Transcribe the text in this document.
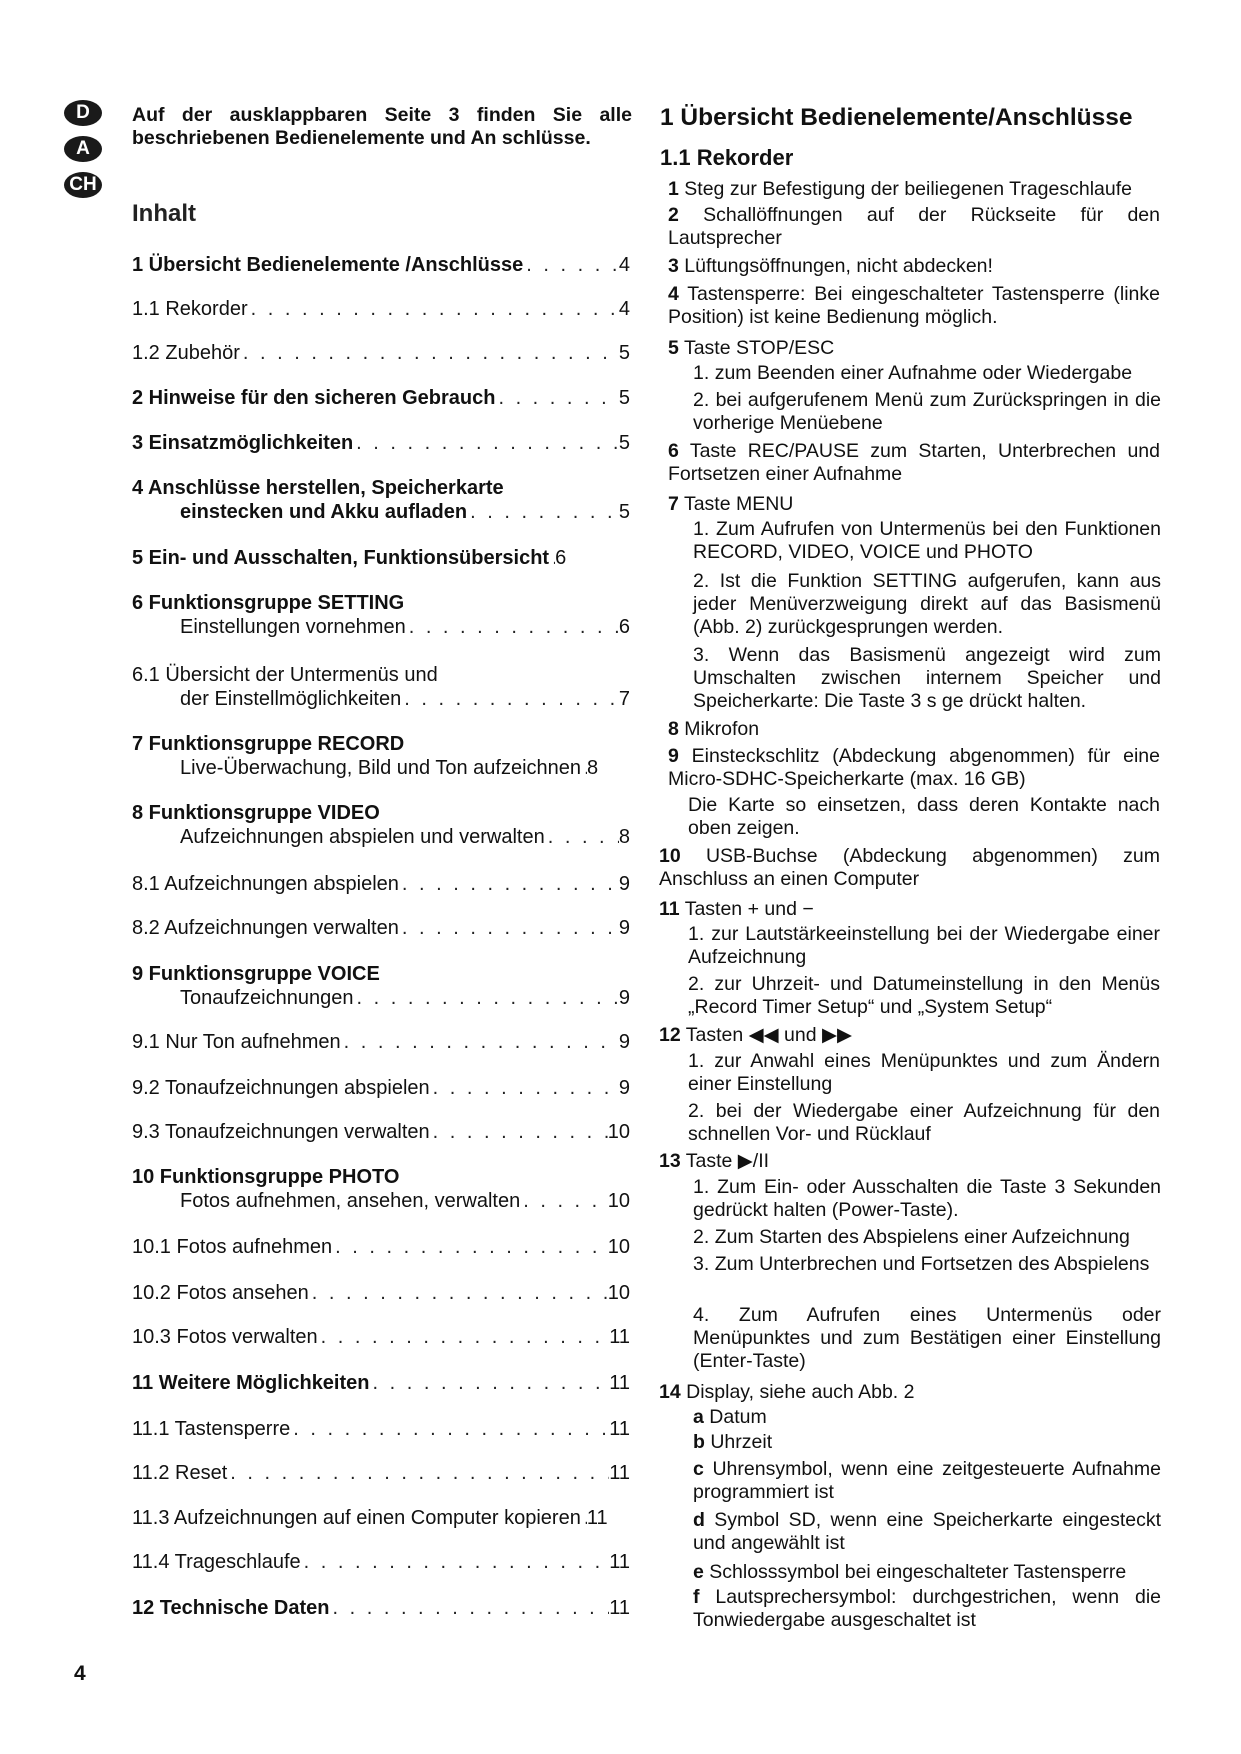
D
A
CH

Auf der ausklappbaren Seite 3 finden Sie alle beschriebenen Bedienelemente und An schlüsse.

Inhalt
1 Übersicht Bedienelemente /Anschlüsse . . .	4
1.1 Rekorder . . .	4
1.2 Zubehör . . .	5
2 Hinweise für den sicheren Gebrauch . . .	5
3 Einsatzmöglichkeiten . . .	5
4 Anschlüsse herstellen, Speicherkarte
einstecken und Akku aufladen . . .	5
5 Ein- und Ausschalten, Funktionsübersicht . . . 6
6 Funktionsgruppe SETTING
Einstellungen vornehmen . . .	6
6.1 Übersicht der Untermenüs und
der Einstellmöglichkeiten . . .	7
7 Funktionsgruppe RECORD
Live-Überwachung, Bild und Ton aufzeichnen . . . 8
8 Funktionsgruppe VIDEO
Aufzeichnungen abspielen und verwalten . . .	8
8.1 Aufzeichnungen abspielen . . .	9
8.2 Aufzeichnungen verwalten . . .	9
9 Funktionsgruppe VOICE
Tonaufzeichnungen . . .	9
9.1 Nur Ton aufnehmen . . .	9
9.2 Tonaufzeichnungen abspielen . . .	9
9.3 Tonaufzeichnungen verwalten . . .	10
10 Funktionsgruppe PHOTO
Fotos aufnehmen, ansehen, verwalten . . .	10
10.1 Fotos aufnehmen . . .	10
10.2 Fotos ansehen . . .	10
10.3 Fotos verwalten . . .	11
11 Weitere Möglichkeiten . . .	11
11.1 Tastensperre . . .	11
11.2 Reset . . .	11
11.3 Aufzeichnungen auf einen Computer kopieren . . . 11
11.4 Trageschlaufe . . .	11
12 Technische Daten . . .	11
1 Übersicht Bedienelemente/Anschlüsse
1.1 Rekorder
1 Steg zur Befestigung der beiliegenen Trageschlaufe
2 Schallöffnungen auf der Rückseite für den Lautsprecher
3 Lüftungsöffnungen, nicht abdecken!
4 Tastensperre: Bei eingeschalteter Tastensperre (linke Position) ist keine Bedienung möglich.
5 Taste STOP/ESC
1. zum Beenden einer Aufnahme oder Wiedergabe
2. bei aufgerufenem Menü zum Zurückspringen in die vorherige Menüebene
6 Taste REC/PAUSE zum Starten, Unterbrechen und Fortsetzen einer Aufnahme
7 Taste MENU
1. Zum Aufrufen von Untermenüs bei den Funktionen RECORD, VIDEO, VOICE und PHOTO
2. Ist die Funktion SETTING aufgerufen, kann aus jeder Menüverzweigung direkt auf das Basismenü (Abb. 2) zurückgesprungen werden.
3. Wenn das Basismenü angezeigt wird zum Umschalten zwischen internem Speicher und Speicherkarte: Die Taste 3 s ge drückt halten.
8 Mikrofon
9 Einsteckschlitz (Abdeckung abgenommen) für eine Micro-SDHC-Speicherkarte (max. 16 GB)
Die Karte so einsetzen, dass deren Kontakte nach oben zeigen.
10 USB-Buchse (Abdeckung abgenommen) zum Anschluss an einen Computer
11 Tasten + und −
1. zur Lautstärkeeinstellung bei der Wiedergabe einer Aufzeichnung
2. zur Uhrzeit- und Datumeinstellung in den Menüs „Record Timer Setup“ und „System Setup“
12 Tasten ◀◀ und ▶▶
1. zur Anwahl eines Menüpunktes und zum Ändern einer Einstellung
2. bei der Wiedergabe einer Aufzeichnung für den schnellen Vor- und Rücklauf
13 Taste ▶/II
1. Zum Ein- oder Ausschalten die Taste 3 Sekunden gedrückt halten (Power-Taste).
2. Zum Starten des Abspielens einer Aufzeichnung
3. Zum Unterbrechen und Fortsetzen des Abspielens
4. Zum Aufrufen eines Untermenüs oder Menüpunktes und zum Bestätigen einer Einstellung (Enter-Taste)
14 Display, siehe auch Abb. 2
a Datum
b Uhrzeit
c Uhrensymbol, wenn eine zeitgesteuerte Aufnahme programmiert ist
d Symbol SD, wenn eine Speicherkarte eingesteckt und angewählt ist
e Schlosssymbol bei eingeschalteter Tastensperre
f Lautsprechersymbol: durchgestrichen, wenn die Tonwiedergabe ausgeschaltet ist
4
